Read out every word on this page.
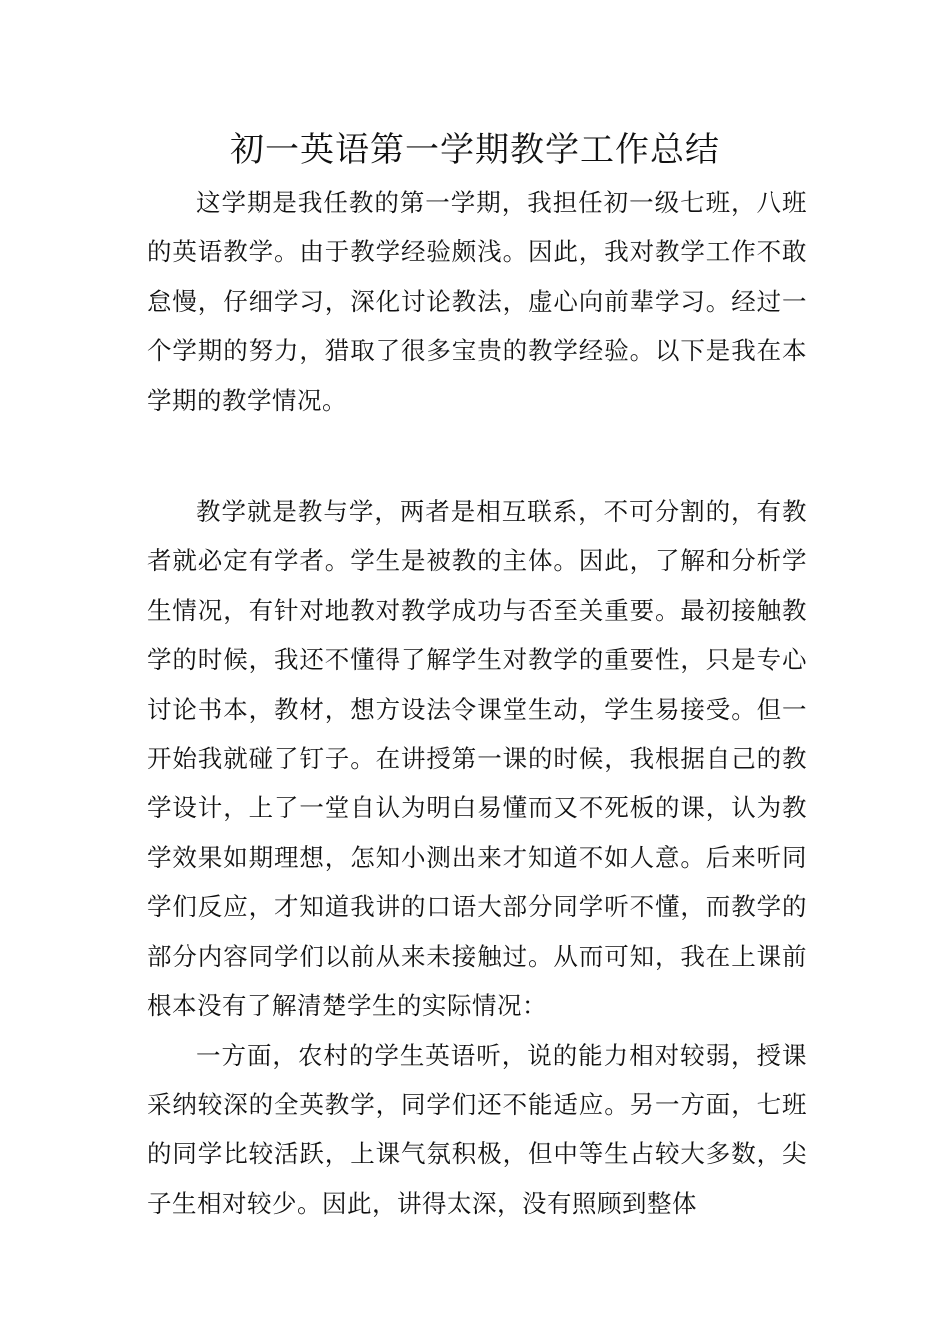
初一英语第一学期教学工作总结

这学期是我任教的第一学期，我担任初一级七班，八班的英语教学。由于教学经验颇浅。因此，我对教学工作不敢怠慢，仔细学习，深化讨论教法，虚心向前辈学习。经过一个学期的努力，猎取了很多宝贵的教学经验。以下是我在本学期的教学情况。

教学就是教与学，两者是相互联系，不可分割的，有教者就必定有学者。学生是被教的主体。因此，了解和分析学生情况，有针对地教对教学成功与否至关重要。最初接触教学的时候，我还不懂得了解学生对教学的重要性，只是专心讨论书本，教材，想方设法令课堂生动，学生易接受。但一开始我就碰了钉子。在讲授第一课的时候，我根据自己的教学设计，上了一堂自认为明白易懂而又不死板的课，认为教学效果如期理想，怎知小测出来才知道不如人意。后来听同学们反应，才知道我讲的口语大部分同学听不懂，而教学的部分内容同学们以前从来未接触过。从而可知，我在上课前根本没有了解清楚学生的实际情况：

一方面，农村的学生英语听，说的能力相对较弱，授课采纳较深的全英教学，同学们还不能适应。另一方面，七班的同学比较活跃，上课气氛积极，但中等生占较大多数，尖子生相对较少。因此，讲得太深，没有照顾到整体
